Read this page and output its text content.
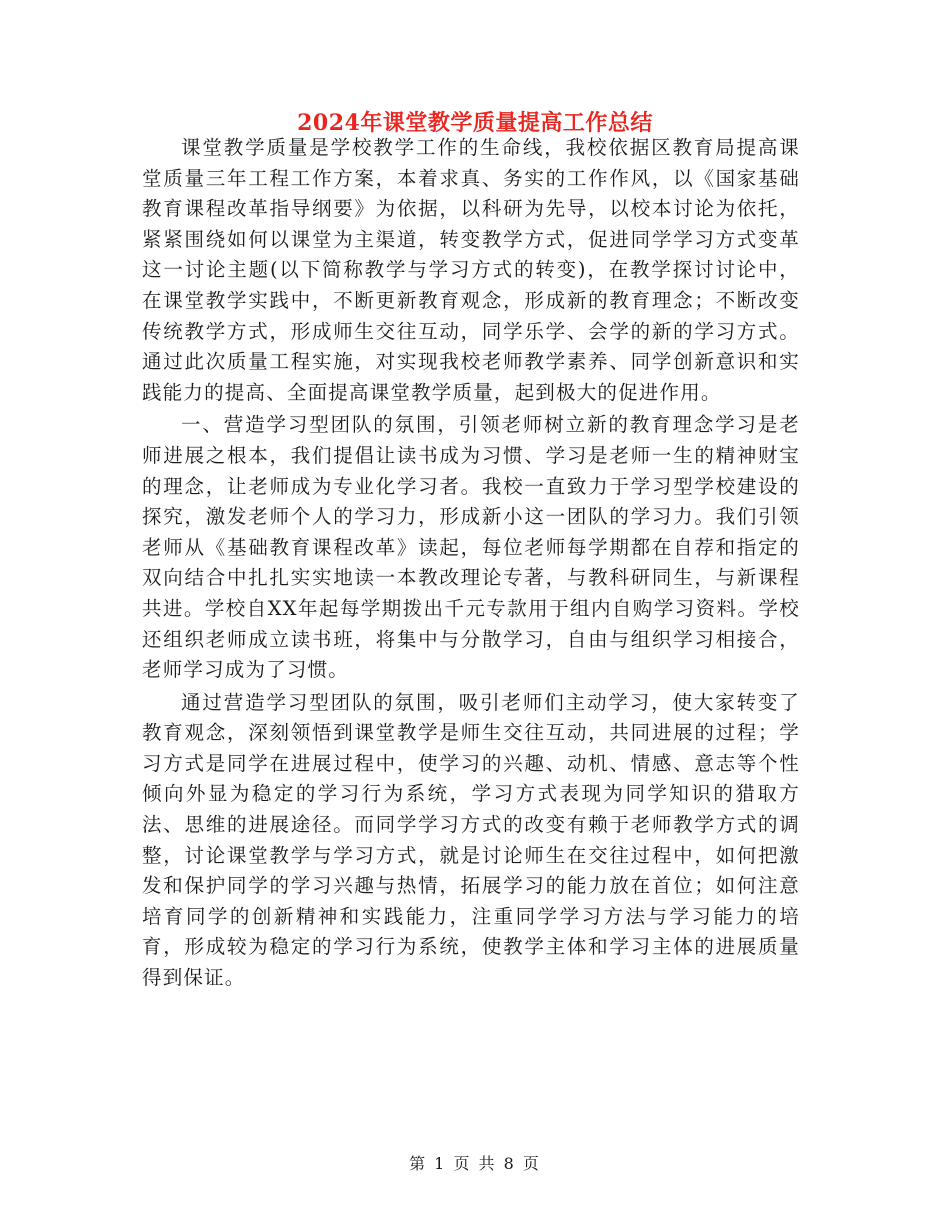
2024年课堂教学质量提高工作总结

课堂教学质量是学校教学工作的生命线，我校依据区教育局提高课堂质量三年工程工作方案，本着求真、务实的工作作风，以《国家基础教育课程改革指导纲要》为依据，以科研为先导，以校本讨论为依托，紧紧围绕如何以课堂为主渠道，转变教学方式，促进同学学习方式变革这一讨论主题(以下简称教学与学习方式的转变)，在教学探讨讨论中，在课堂教学实践中，不断更新教育观念，形成新的教育理念；不断改变传统教学方式，形成师生交往互动，同学乐学、会学的新的学习方式。通过此次质量工程实施，对实现我校老师教学素养、同学创新意识和实践能力的提高、全面提高课堂教学质量，起到极大的促进作用。

一、营造学习型团队的氛围，引领老师树立新的教育理念学习是老师进展之根本，我们提倡让读书成为习惯、学习是老师一生的精神财宝的理念，让老师成为专业化学习者。我校一直致力于学习型学校建设的探究，激发老师个人的学习力，形成新小这一团队的学习力。我们引领老师从《基础教育课程改革》读起，每位老师每学期都在自荐和指定的双向结合中扎扎实实地读一本教改理论专著，与教科研同生，与新课程共进。学校自XX年起每学期拨出千元专款用于组内自购学习资料。学校还组织老师成立读书班，将集中与分散学习，自由与组织学习相接合，老师学习成为了习惯。

通过营造学习型团队的氛围，吸引老师们主动学习，使大家转变了教育观念，深刻领悟到课堂教学是师生交往互动，共同进展的过程；学习方式是同学在进展过程中，使学习的兴趣、动机、情感、意志等个性倾向外显为稳定的学习行为系统，学习方式表现为同学知识的猎取方法、思维的进展途径。而同学学习方式的改变有赖于老师教学方式的调整，讨论课堂教学与学习方式，就是讨论师生在交往过程中，如何把激发和保护同学的学习兴趣与热情，拓展学习的能力放在首位；如何注意培育同学的创新精神和实践能力，注重同学学习方法与学习能力的培育，形成较为稳定的学习行为系统，使教学主体和学习主体的进展质量得到保证。

第 1 页 共 8 页
